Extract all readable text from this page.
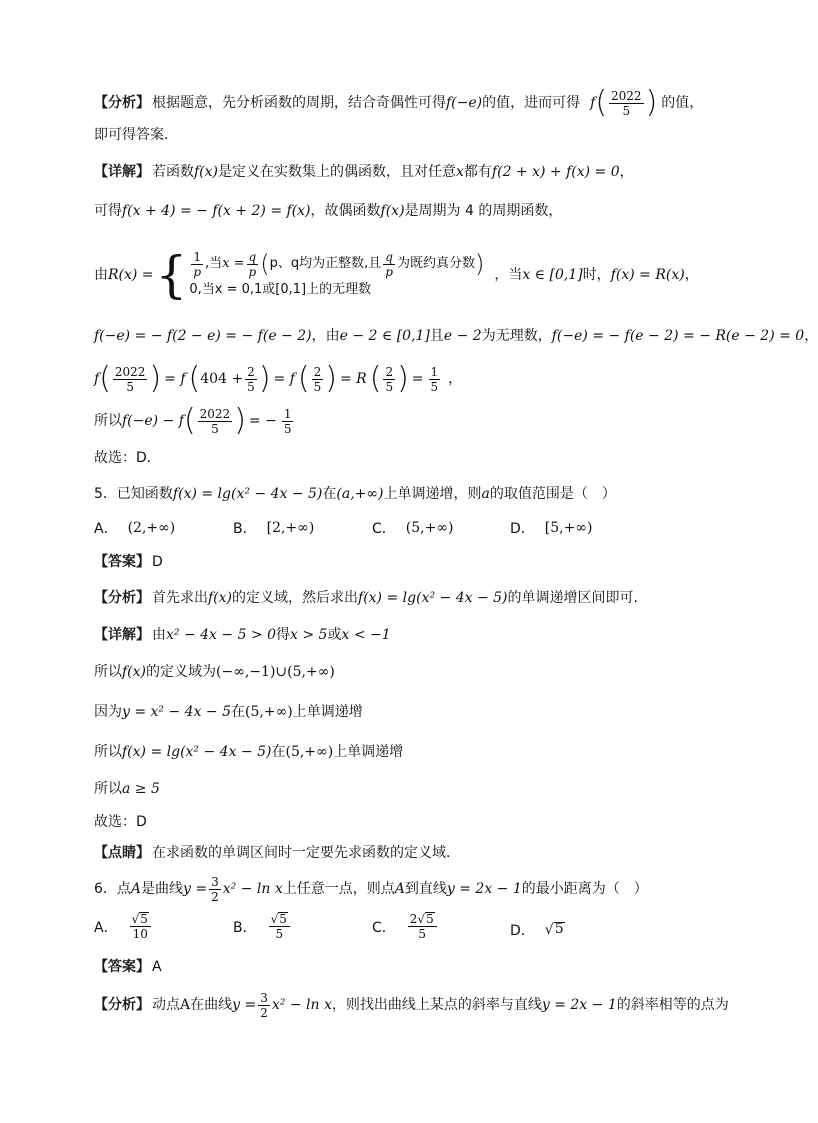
【分析】 根据题意，先分析函数的周期，结合奇偶性可得 f(−e) 的值，进而可得 f ( $\frac{2022}{5}$ ) 的值，
即可得答案．
【详解】 若函数 f(x) 是定义在实数集上的偶函数，且对任意 x 都有 f(2 + x) + f(x) = 0 ，
可得 f(x + 4) = − f(x + 2) = f(x) ，故偶函数 f(x) 是周期为 4 的周期函数，
由 R(x) = { $\frac{1}{p}$ ,当 $x = \frac{q}{p}$ ( p、q均为正整数,且 $\frac{q}{p}$ 为既约真分数 )
0,当x = 0,1或[0,1]上的无理数
，当 x ∈ [0,1] 时， f(x) = R(x) ，
f(−e) = − f(2 − e) = − f(e − 2) ，由 e − 2 ∈ [0,1] 且 e − 2 为无理数， f(−e) = − f(e − 2) = − R(e − 2) = 0 ，
f ( $\frac{2022}{5}$ ) = f ( $404 + \frac{2}{5}$ ) = f ( $\frac{2}{5}$ ) = R ( $\frac{2}{5}$ ) = $\frac{1}{5}$ ，
所以 f(−e) − f ( $\frac{2022}{5}$ ) = − $\frac{1}{5}$
故选：D．
5．已知函数 f(x) = lg(x² − 4x − 5) 在 (a,+∞) 上单调递增，则 a 的取值范围是（　）
A． (2,+∞)	B． [2,+∞)	C． (5,+∞)	D． [5,+∞)
【答案】 D
【分析】 首先求出 f(x) 的定义域，然后求出 f(x) = lg(x² − 4x − 5) 的单调递增区间即可.
【详解】 由 x² − 4x − 5 > 0 得 x > 5 或 x < −1
所以 f(x) 的定义域为 (−∞,−1)∪(5,+∞)
因为 y = x² − 4x − 5 在 (5,+∞) 上单调递增
所以 f(x) = lg(x² − 4x − 5) 在 (5,+∞) 上单调递增
所以 a ≥ 5
故选：D
【点睛】 在求函数的单调区间时一定要先求函数的定义域.
6．点 A 是曲线 $y = \frac{3}{2} x^2 - \ln x$ 上任意一点，则点 A 到直线 y = 2x − 1 的最小距离为（　）
A． $\frac{√ 5}{10}$	B． $\frac{√ 5}{5}$	C． $\frac{2√ 5}{5}$	D． √ 5
【答案】 A
【分析】 动点 A 在曲线 $y = \frac{3}{2} x^2 - \ln x$ ，则找出曲线上某点的斜率与直线 y = 2x − 1 的斜率相等的点为
